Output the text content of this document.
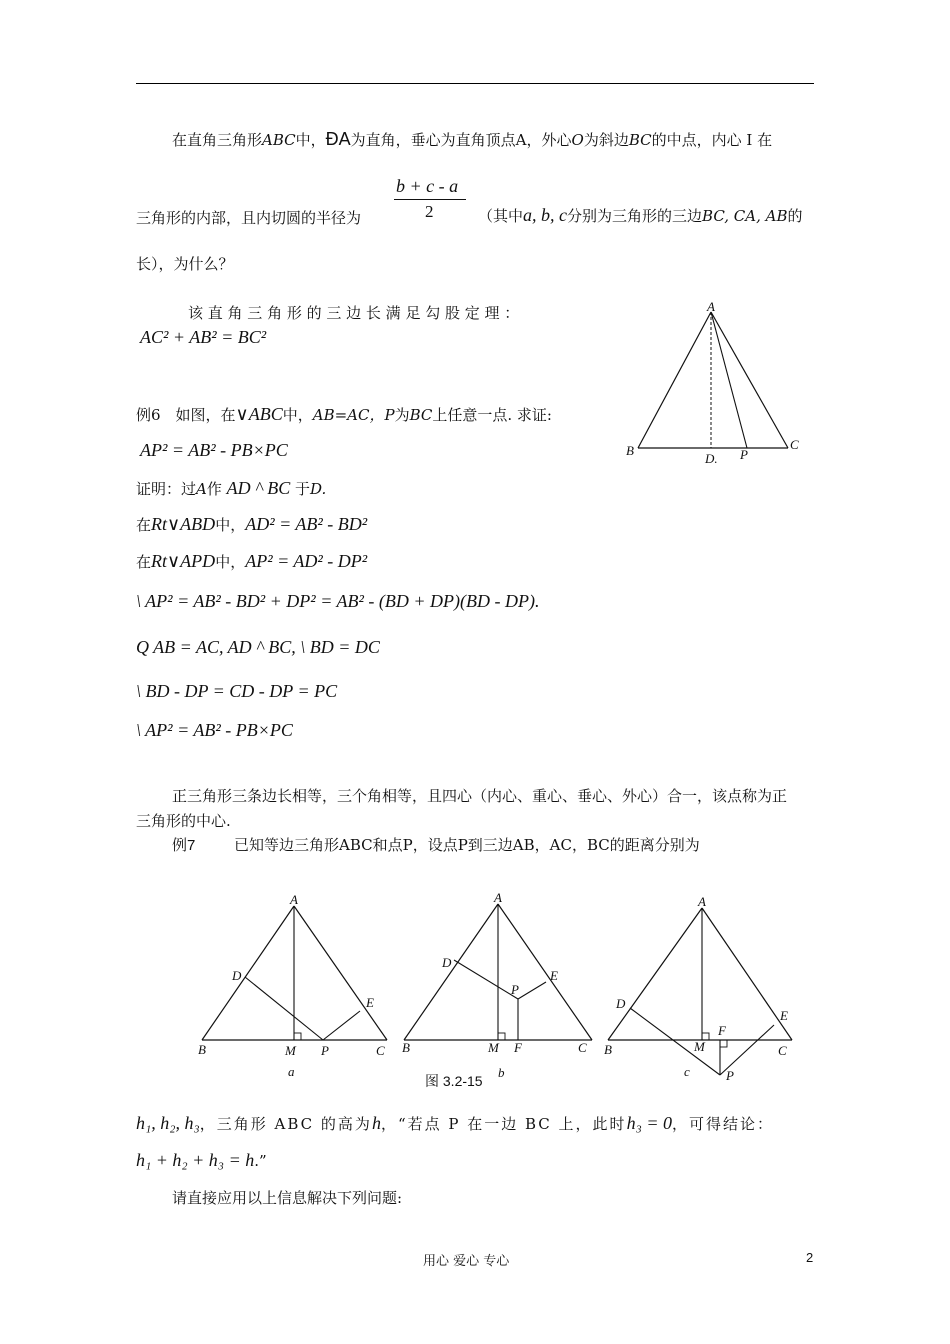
在直角三角形ABC中，ÐA为直角，垂心为直角顶点A，外心O为斜边BC的中点，内心 I 在
b + c - a
2
三角形的内部，且内切圆的半径为	（其中a, b, c分别为三角形的三边BC, CA, AB的
长），为什么？
该 直 角 三 角 形 的 三 边 长 满 足 勾 股 定 理 ：
AC² + AB² = BC²
A
B	C
D. P
例6　如图，在∨ABC中，AB=AC，P为BC上任意一点. 求证:
AP² = AB² - PB×PC
证明：过A作 AD ^ BC 于D.
在Rt∨ABD中，AD² = AB² - BD²
在Rt∨APD中，AP² = AD² - DP²
\ AP² = AB² - BD² + DP² = AB² - (BD + DP)(BD - DP).
Q AB = AC, AD ^ BC, \ BD = DC
\ BD - DP = CD - DP = PC
\ AP² = AB² - PB×PC
正三角形三条边长相等，三个角相等，且四心（内心、重心、垂心、外心）合一，该点称为正
三角形的中心.
例7	已知等边三角形ABC和点P，设点P到三边AB，AC，BC的距离分别为
A
B	C
D
E
M P
a
A
B	C
D
E
P
M F
b
图 3.2-15
A
B	C
D
E
M
F
P
c
h₁, h₂, h₃，三角形 ABC 的高为h，“若点 P 在一边 BC 上，此时h₃ = 0，可得结论：
h₁ + h₂ + h₃ = h.”
请直接应用以上信息解决下列问题:
用心 爱心 专心	2
